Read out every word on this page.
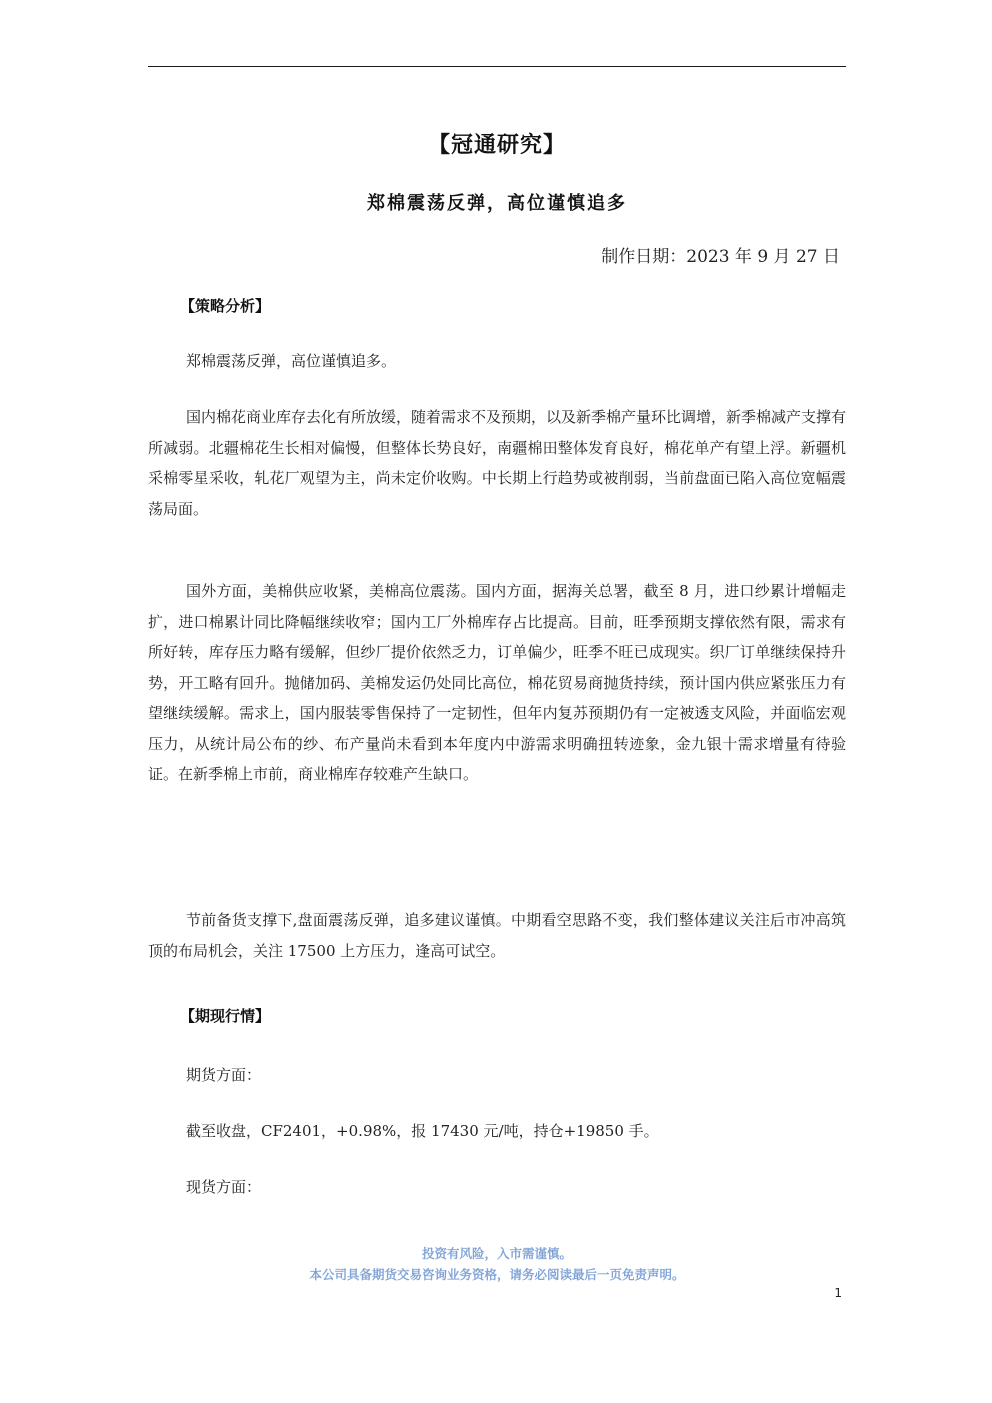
【冠通研究】
郑棉震荡反弹，高位谨慎追多
制作日期：2023 年 9 月 27 日
【策略分析】

郑棉震荡反弹，高位谨慎追多。

国内棉花商业库存去化有所放缓，随着需求不及预期，以及新季棉产量环比调增，新季棉减产支撑有所减弱。北疆棉花生长相对偏慢，但整体长势良好，南疆棉田整体发育良好，棉花单产有望上浮。新疆机采棉零星采收，轧花厂观望为主，尚未定价收购。中长期上行趋势或被削弱，当前盘面已陷入高位宽幅震荡局面。

国外方面，美棉供应收紧，美棉高位震荡。国内方面，据海关总署，截至 8 月，进口纱累计增幅走扩，进口棉累计同比降幅继续收窄；国内工厂外棉库存占比提高。目前，旺季预期支撑依然有限，需求有所好转，库存压力略有缓解，但纱厂提价依然乏力，订单偏少，旺季不旺已成现实。织厂订单继续保持升势，开工略有回升。抛储加码、美棉发运仍处同比高位，棉花贸易商抛货持续，预计国内供应紧张压力有望继续缓解。需求上，国内服装零售保持了一定韧性，但年内复苏预期仍有一定被透支风险，并面临宏观压力，从统计局公布的纱、布产量尚未看到本年度内中游需求明确扭转迹象，金九银十需求增量有待验证。在新季棉上市前，商业棉库存较难产生缺口。

节前备货支撑下,盘面震荡反弹，追多建议谨慎。中期看空思路不变，我们整体建议关注后市冲高筑顶的布局机会，关注 17500 上方压力，逢高可试空。

【期现行情】

期货方面：

截至收盘，CF2401，+0.98%，报 17430 元/吨，持仓+19850 手。

现货方面：

投资有风险，入市需谨慎。
本公司具备期货交易咨询业务资格，请务必阅读最后一页免责声明。
1
